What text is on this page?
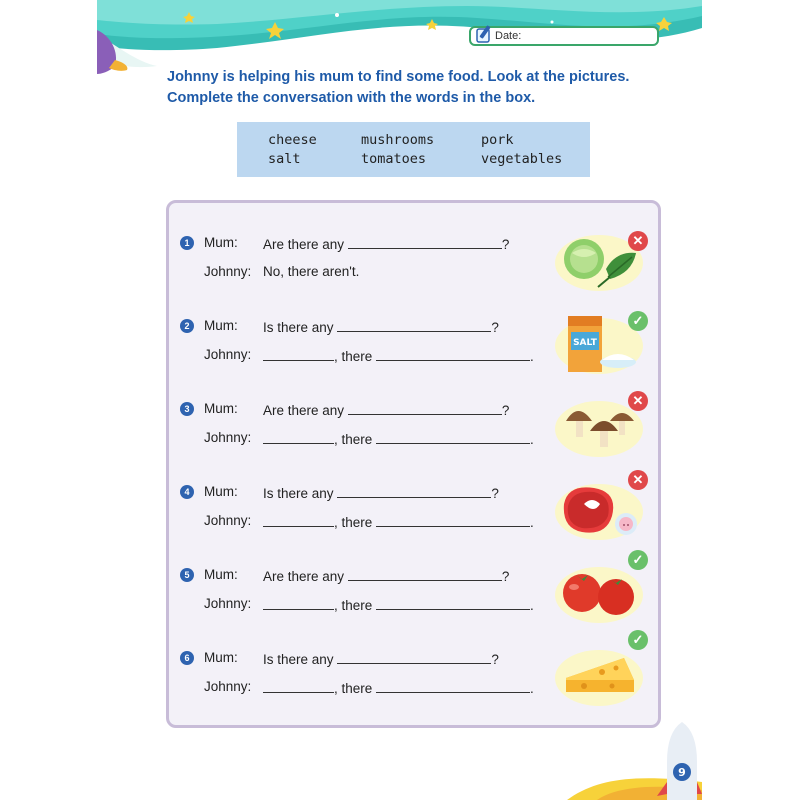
Date:

Johnny is helping his mum to find some food. Look at the pictures.
Complete the conversation with the words in the box.

cheese	mushrooms	pork
salt	tomatoes	vegetables
1	Mum: Are there any	?
Johnny: No, there aren't.
2	Mum: Is there any	?
Johnny:	, there	.
3	Mum: Are there any	?
Johnny:	, there	.
4	Mum: Is there any	?
Johnny:	, there	.
5	Mum: Are there any	?
Johnny:	, there	.
6	Mum: Is there any	?
Johnny:	, there	.
SALT
✕
✓
✕
✕
✓
✓
9
